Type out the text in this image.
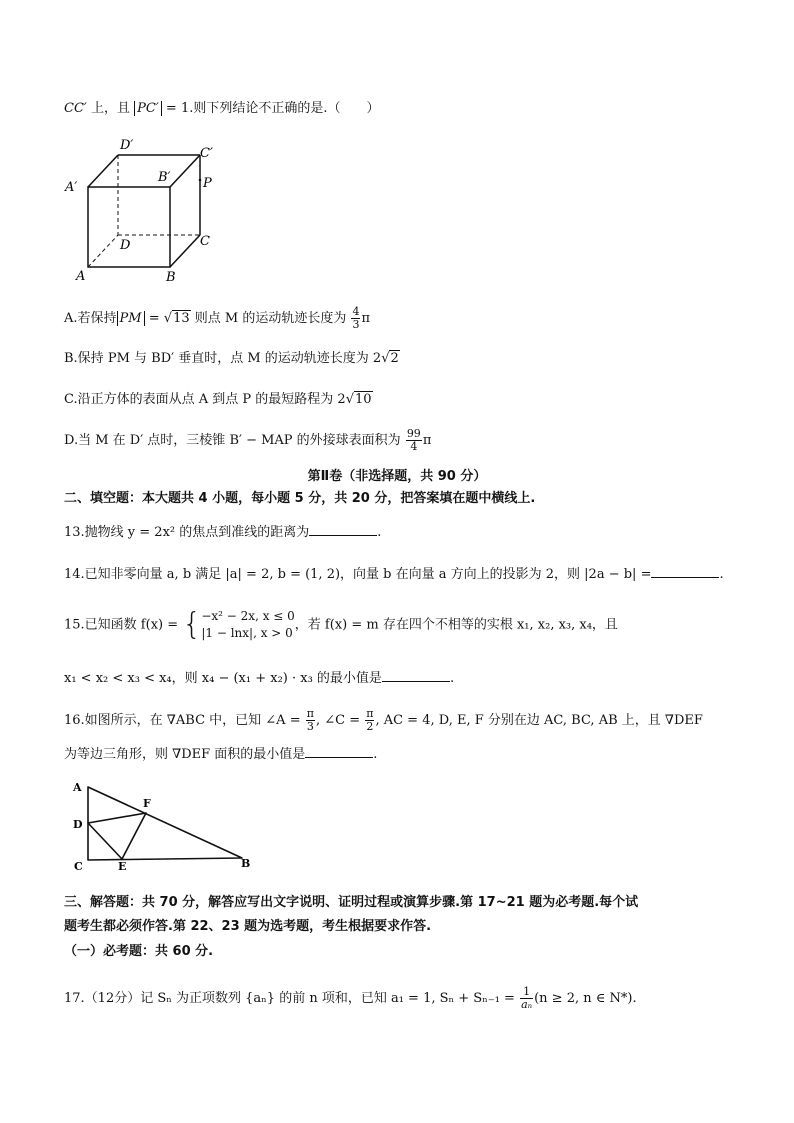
CC′ 上，且 PC′ = 1.则下列结论不正确的是.（　　）
D′
C′
A′
B′ P
D	C
A	B
A.若保持 PM = √13 则点 M 的运动轨迹长度为 $\frac{4}{3}$ π
B.保持 PM 与 BD′ 垂直时，点 M 的运动轨迹长度为 2√2
C.沿正方体的表面从点 A 到点 P 的最短路程为 2√10
D.当 M 在 D′ 点时，三棱锥 B′ − MAP 的外接球表面积为 $\frac{99}{4}$ π
第Ⅱ卷（非选择题，共 90 分）
二、填空题：本大题共 4 小题，每小题 5 分，共 20 分，把答案填在题中横线上.
13.抛物线 y = 2x² 的焦点到准线的距离为	.
14.已知非零向量 a, b 满足 |a| = 2, b = (1, 2)，向量 b 在向量 a 方向上的投影为 2，则 |2a − b| =	.
15.已知函数 f(x) = { −x² − 2x, x ≤ 0
|1 − lnx|, x > 0
，若 f(x) = m 存在四个不相等的实根 x₁, x₂, x₃, x₄，且
x₁ < x₂ < x₃ < x₄，则 x₄ − (x₁ + x₂) · x₃ 的最小值是	.
16.如图所示，在 ∇ABC 中，已知 ∠A = $\frac{\pi}{3}$ , ∠C = $\frac{\pi}{2}$ , AC = 4, D, E, F 分别在边 AC, BC, AB 上，且 ∇DEF
为等边三角形，则 ∇DEF 面积的最小值是	.
A
D
C	E
F
B
三、解答题：共 70 分，解答应写出文字说明、证明过程或演算步骤.第 17~21 题为必考题.每个试
题考生都必须作答.第 22、23 题为选考题，考生根据要求作答.
（一）必考题：共 60 分.
17.（12分）记 Sₙ 为正项数列 {aₙ} 的前 n 项和，已知 a₁ = 1, $S_n + S_{n-1} = \frac{1}{\text{aₙ}} (n \ge 2$, n ∈ N*).
